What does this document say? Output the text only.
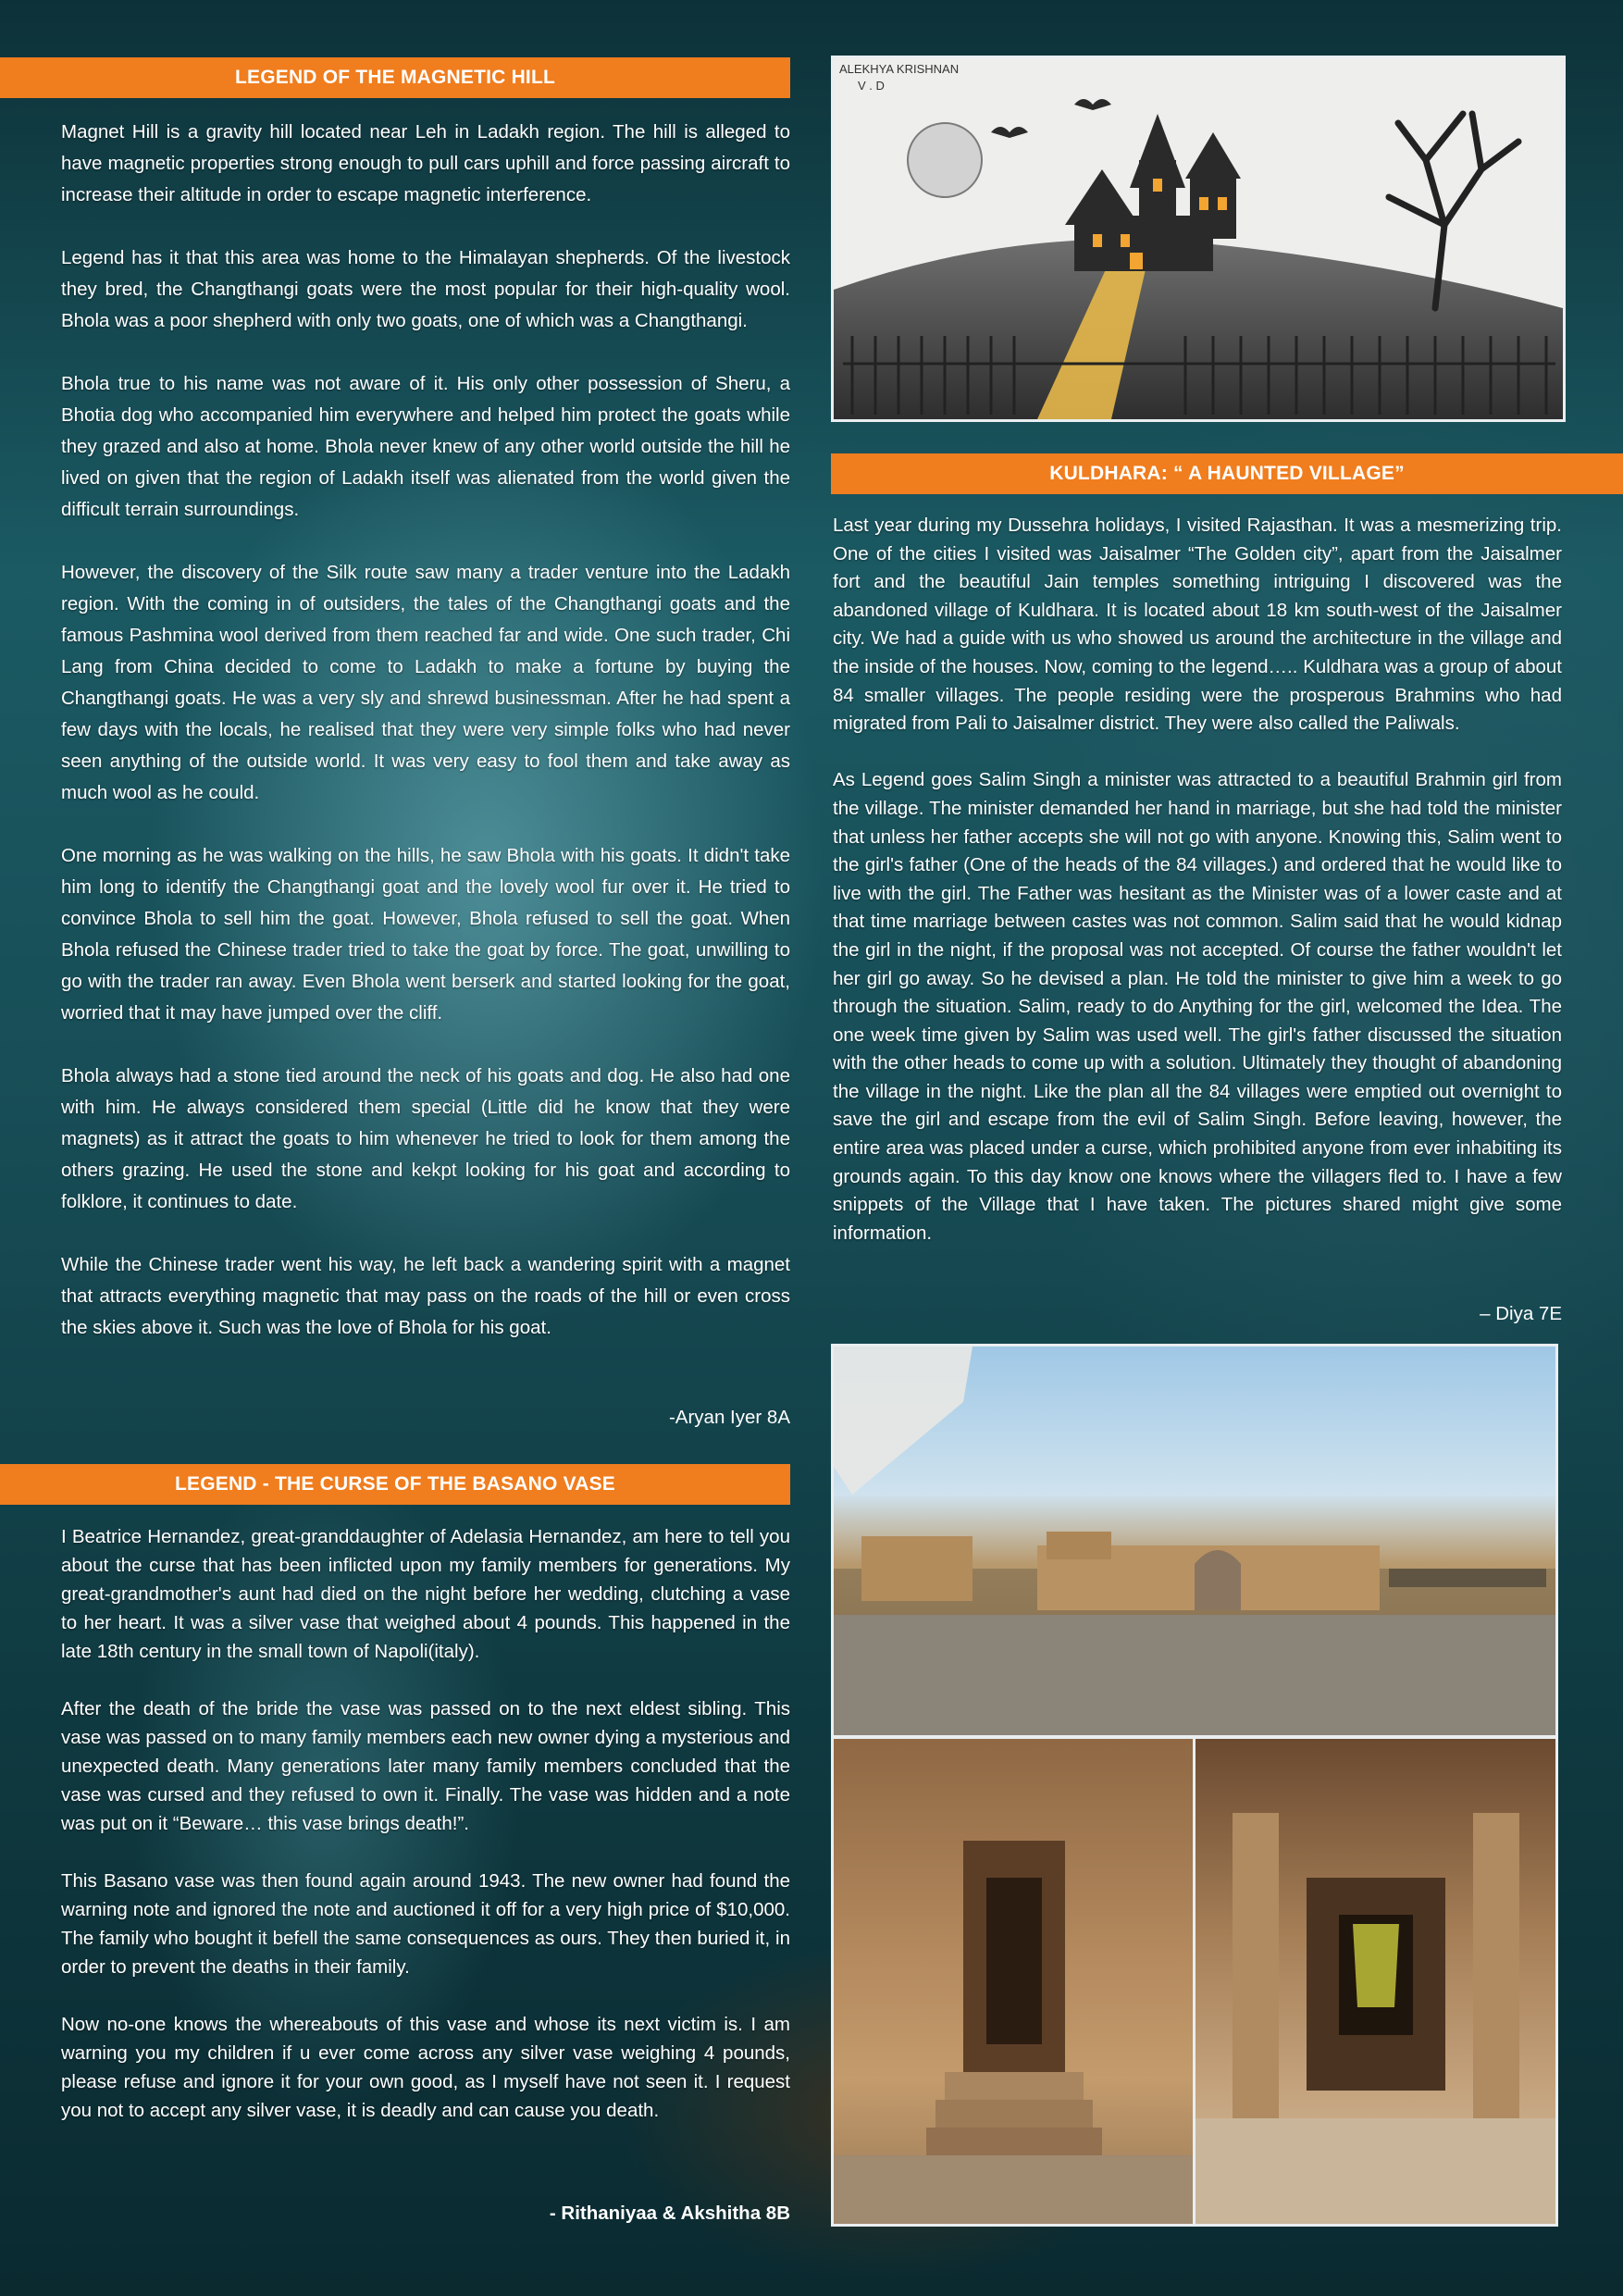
LEGEND OF THE MAGNETIC HILL

Magnet Hill is a gravity hill located near Leh in Ladakh region. The hill is alleged to have magnetic properties strong enough to pull cars uphill and force passing aircraft to increase their altitude in order to escape magnetic interference.

Legend has it that this area was home to the Himalayan shepherds. Of the livestock they bred, the Changthangi goats were the most popular for their high-quality wool. Bhola was a poor shepherd with only two goats, one of which was a Changthangi.

Bhola true to his name was not aware of it. His only other possession of Sheru, a Bhotia dog who accompanied him everywhere and helped him protect the goats while they grazed and also at home. Bhola never knew of any other world outside the hill he lived on given that the region of Ladakh itself was alienated from the world given the difficult terrain surroundings.

However, the discovery of the Silk route saw many a trader venture into the Ladakh region. With the coming in of outsiders, the tales of the Changthangi goats and the famous Pashmina wool derived from them reached far and wide. One such trader, Chi Lang from China decided to come to Ladakh to make a fortune by buying the Changthangi goats. He was a very sly and shrewd businessman. After he had spent a few days with the locals, he realised that they were very simple folks who had never seen anything of the outside world. It was very easy to fool them and take away as much wool as he could.

One morning as he was walking on the hills, he saw Bhola with his goats. It didn't take him long to identify the Changthangi goat and the lovely wool fur over it. He tried to convince Bhola to sell him the goat. However, Bhola refused to sell the goat. When Bhola refused the Chinese trader tried to take the goat by force. The goat, unwilling to go with the trader ran away. Even Bhola went berserk and started looking for the goat, worried that it may have jumped over the cliff.

Bhola always had a stone tied around the neck of his goats and dog. He also had one with him. He always considered them special (Little did he know that they were magnets) as it attract the goats to him whenever he tried to look for them among the others grazing. He used the stone and kekpt looking for his goat and according to folklore, it continues to date.

While the Chinese trader went his way, he left back a wandering spirit with a magnet that attracts everything magnetic that may pass on the roads of the hill or even cross the skies above it. Such was the love of Bhola for his goat.

-Aryan Iyer 8A
LEGEND - THE CURSE OF THE BASANO VASE

I Beatrice Hernandez, great-granddaughter of Adelasia Hernandez, am here to tell you about the curse that has been inflicted upon my family members for generations. My great-grandmother's aunt had died on the night before her wedding, clutching a vase to her heart. It was a silver vase that weighed about 4 pounds. This happened in the late 18th century in the small town of Napoli(italy).

After the death of the bride the vase was passed on to the next eldest sibling. This vase was passed on to many family members each new owner dying a mysterious and unexpected death. Many generations later many family members concluded that the vase was cursed and they refused to own it. Finally. The vase was hidden and a note was put on it “Beware… this vase brings death!”.

This Basano vase was then found again around 1943. The new owner had found the warning note and ignored the note and auctioned it off for a very high price of $10,000. The family who bought it befell the same consequences as ours. They then buried it, in order to prevent the deaths in their family.

Now no-one knows the whereabouts of this vase and whose its next victim is. I am warning you my children if u ever come across any silver vase weighing 4 pounds, please refuse and ignore it for your own good, as I myself have not seen it. I request you not to accept any silver vase, it is deadly and can cause you death.

- Rithaniyaa & Akshitha 8B
ALEKHYA KRISHNAN
V . D
KULDHARA: “ A HAUNTED VILLAGE”

Last year during my Dussehra holidays, I visited Rajasthan. It was a mesmerizing trip. One of the cities I visited was Jaisalmer “The Golden city”, apart from the Jaisalmer fort and the beautiful Jain temples something intriguing I discovered was the abandoned village of Kuldhara. It is located about 18 km south-west of the Jaisalmer city. We had a guide with us who showed us around the architecture in the village and the inside of the houses. Now, coming to the legend….. Kuldhara was a group of about 84 smaller villages. The people residing were the prosperous Brahmins who had migrated from Pali to Jaisalmer district. They were also called the Paliwals.

As Legend goes Salim Singh a minister was attracted to a beautiful Brahmin girl from the village. The minister demanded her hand in marriage, but she had told the minister that unless her father accepts she will not go with anyone. Knowing this, Salim went to the girl's father (One of the heads of the 84 villages.) and ordered that he would like to live with the girl. The Father was hesitant as the Minister was of a lower caste and at that time marriage between castes was not common. Salim said that he would kidnap the girl in the night, if the proposal was not accepted. Of course the father wouldn't let her girl go away. So he devised a plan. He told the minister to give him a week to go through the situation. Salim, ready to do Anything for the girl, welcomed the Idea. The one week time given by Salim was used well. The girl's father discussed the situation with the other heads to come up with a solution. Ultimately they thought of abandoning the village in the night. Like the plan all the 84 villages were emptied out overnight to save the girl and escape from the evil of Salim Singh. Before leaving, however, the entire area was placed under a curse, which prohibited anyone from ever inhabiting its grounds again. To this day know one knows where the villagers fled to. I have a few snippets of the Village that I have taken. The pictures shared might give some information.

– Diya 7E
